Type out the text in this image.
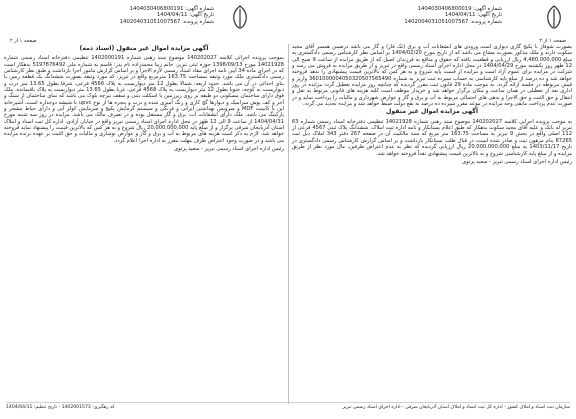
شماره آگهی: 1404030406800019
تاریخ آگهی: 1404/04/11
شماره پرونده: 1402004031051007567
شماره آگهی: 1404030406800191
تاریخ آگهی: 1404/04/11
شماره پرونده: 140204031051007567
صفحه ۱ از ۲
صفحه ۱ از ۲

بصورت شوفاژ با پکیج گازی دیواری است ورودی های انشعابات آب و برق (تک فاز) و گاز می باشد درضمن همسر آقای مجید سکوت دارند و ملک مذکور بصورت مشاع می باشد که از تاریخ مورخ 1404/02/20 بر اساس نظر کارشناس رسمی دادگستری به مبلغ 4,480,000,000 ریال ارزیابی و قطعیت یافته که حقوق و منافع به فرزندان اصیل که از طریق مزایده از ساعت 9 صبح الی 12 ظهر روز یکشنبه مورخ 1404/04/29 در محل اداره اجرای اسناد رسمی واقع در تبریز و از طریق مزایده به فروش می رسد و شرکت در مزایده برای عموم آزاد است و مزایده از قیمت پایه شروع و به هر کس که بالاترین قیمت پیشنهادی را بدهد فروخته خواهد شد و ده درصد از مبلغ پایه کارشناسی به حساب سپرده ثبت تبریز به شماره 3601000004050320507565490 واریز و فیش مربوطه در جلسه ارائه گردد. به موجب ماده 29 قانون ثبت مقرر گردیده که چنانچه روز مزایده تعطیل گردد مزایده در روز اداری بعد از تعطیلی در همان ساعت و مکان برگزار خواهد شد و خریدار موظف است کلیه هزینه های قانونی مربوط به نقل و انتقال و حق الثبت و حق الاجرا و بدهی های احتمالی مربوط به آب و برق و گاز و عوارض شهرداری و مالیات را پرداخت نماید و در صورت عدم پرداخت مابقی وجه مزایده در موعد مقرر سپرده ده درصد به نفع دولت ضبط خواهد شد و مزایده تجدید می گردد.

آگهی مزایده اموال غیر منقول

به موجب پرونده اجرایی کلاسه 140202027 موضوع سند رهنی شماره 14021928 تنظیمی دفترخانه اسناد رسمی شماره 63 تبریز له بانک و علیه آقای مجید سکوت بدهکار که طبق اعلام بستانکار و نامه اداره ثبت املاک، ششدانگ پلاک ثبتی 4567 فرعی از 112 اصلی واقع در بخش 9 تبریز به مساحت 163.75 متر مربع که سند مالکیت آن در صفحه 267 دفتر 343 املاک ذیل ثبت 87265 بنام مرهون ثبت و صادر شده است، در قبال طلب بستانکار بازداشت و بر اساس گزارش کارشناس رسمی دادگستری در تاریخ 1403/11/17 به مبلغ 20,000,000,000 ریال ارزیابی گردیده که نظر به عدم اعتراض طرفین، مال مورد نظر از طریق مزایده و از مبلغ پایه کارشناسی شروع و به بالاترین قیمت پیشنهادی نقداً فروخته خواهد شد.

رئیس اداره اجرای اسناد رسمی تبریز - سعید پرتوی
آگهی مزایده اموال غیر منقول (اسناد ذمه)

بموجب پرونده اجرائی کلاسه 140202027 موضوع سند رهنی شماره 1402000191 تنظیمی دفترخانه اسناد رسمی شماره 14021928 مورخ 1398/09/13 حوزه ثبتی تبریز، خانم زیبا محمدزاده نام پدر: قاسم به شماره ملی 5197876492 بدهکار است که در اجرای ماده 34 آیین نامه اجرای مفاد اسناد رسمی لازم الاجرا و بر اساس گزارش مامور اجرا بازداشت و طبق نظر کارشناس رسمی دادگستری ملک مورد وثیقه بمساحت 163.75 مترمربع واقع در تبریز، که مورد وثیقه بصورت ششدانگ یک قطعه زمین با بنای احداثی در آن می باشد. حدود اربعه: شمالا بطول 12 متر دیواریست به پلاک 4566 فرعی، شرقا بطول 13.65 متر درب و دیواریست به کوچه، جنوبا بطول 12 متر دیواریست به پلاک 4568 فرعی، غربا بطول 13.65 متر دیواریست به پلاک باقیمانده. ملک فوق دارای ساختمان مسکونی دو طبقه بر روی زیرزمین با اسکلت بتنی و سقف تیرچه بلوک می باشد که نمای ساختمان از سنگ و آجر و کف پوش سرامیک و دیوارها گچ کاری و رنگ آمیزی شده و درب و پنجره ها از نوع upvc با شیشه دوجداره است، آشپزخانه اپن با کابینت MDF و سرویس بهداشتی ایرانی و فرنگی و سیستم گرمایش پکیج و سرمایش کولر آبی و دارای حیاط مشجر و پارکینگ می باشد. ملک دارای انشعابات آب، برق و گاز مستقل بوده و در تصرف مالک می باشد. مزایده در روز سه شنبه مورخ 1404/04/31 از ساعت 9 الی 12 ظهر در محل اداره اجرای اسناد رسمی تبریز واقع در خیابان آزادی، اداره کل ثبت اسناد و املاک استان آذربایجان شرقی برگزار و از مبلغ پایه 20,000,000,000 ریال شروع و به هر کس که بالاترین قیمت را پیشنهاد نماید فروخته خواهد شد. لازم به ذکر است هزینه های مربوط به آب و برق و گاز و عوارض نوسازی و مالیات و حق الثبت بر عهده برنده مزایده می باشد و در صورت وجود اعتراض ظرف مهلت مقرر به اداره اجرا اعلام گردد.

رئیس اداره اجرای اسناد رسمی تبریز - سعید پرتوی
سازمان ثبت اسناد و املاک کشور - اداره کل ثبت اسناد و املاک استان آذربایجان شرقی - اداره اجرای اسناد رسمی تبریز
کد رهگیری: 1402001573 - تاریخ تنظیم: 1404/04/11
